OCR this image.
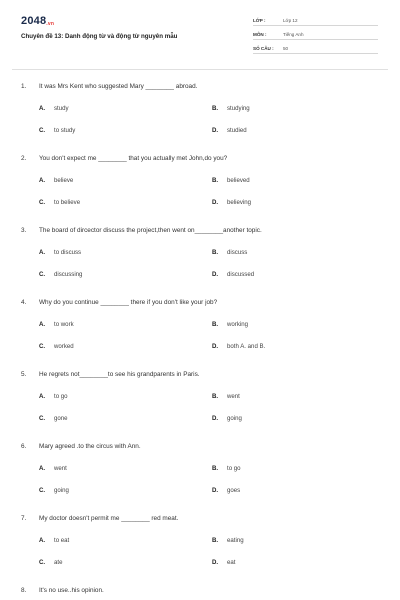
2048.vn
Chuyên đề 13: Danh động từ và động từ nguyên mẫu
LỚP :	Lớp 12
MÔN :	Tiếng Anh
SỐ CÂU : 50
1. It was Mrs Kent who suggested Mary ________ abroad.
A. study	B. studying
C. to study	D. studied
2. You don't expect me ________ that you actually met John,do you?
A. believe	B. believed
C. to believe	D. believing
3. The board of dircector discuss the project,then went on________another topic.
A. to discuss	B. discuss
C. discussing	D. discussed
4. Why do you continue ________ there if you don't like your job?
A. to work	B. working
C. worked	D. both A. and B.
5. He regrets not________to see his grandparents in Paris.
A. to go	B. went
C. gone	D. going
6. Mary agreed .to the circus with Ann.
A. went	B. to go
C. going	D. goes
7. My doctor doesn't permit me ________ red meat.
A. to eat	B. eating
C. ate	D. eat
8. It's no use..his opinion.
